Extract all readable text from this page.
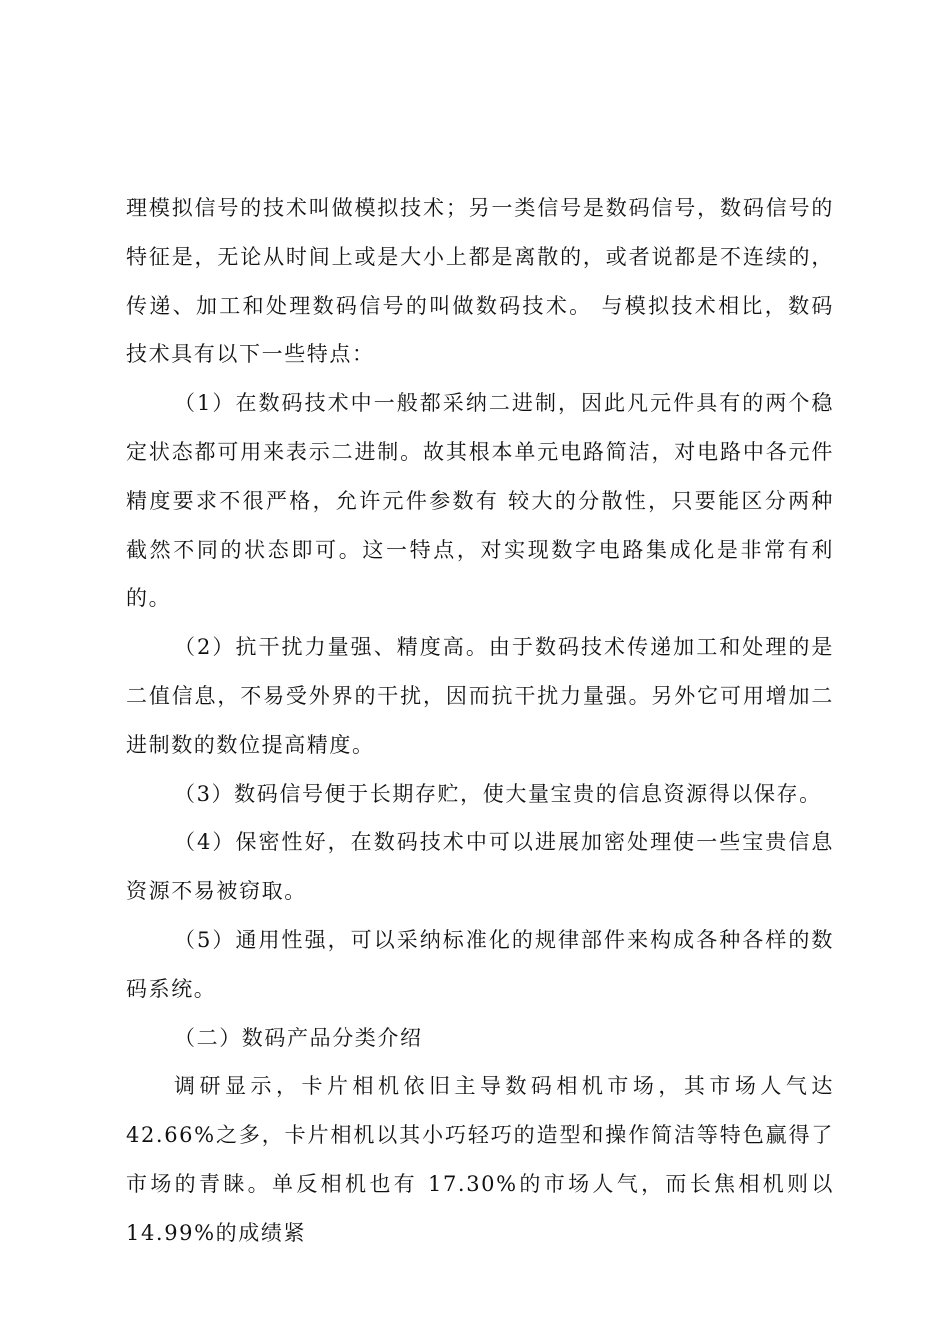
理模拟信号的技术叫做模拟技术；另一类信号是数码信号，数码信号的特征是，无论从时间上或是大小上都是离散的，或者说都是不连续的，传递、加工和处理数码信号的叫做数码技术。 与模拟技术相比，数码技术具有以下一些特点：

（1）在数码技术中一般都采纳二进制，因此凡元件具有的两个稳定状态都可用来表示二进制。故其根本单元电路简洁，对电路中各元件精度要求不很严格，允许元件参数有 较大的分散性，只要能区分两种截然不同的状态即可。这一特点，对实现数字电路集成化是非常有利的。

（2）抗干扰力量强、精度高。由于数码技术传递加工和处理的是二值信息，不易受外界的干扰，因而抗干扰力量强。另外它可用增加二进制数的数位提高精度。

（3）数码信号便于长期存贮，使大量宝贵的信息资源得以保存。

（4）保密性好，在数码技术中可以进展加密处理使一些宝贵信息资源不易被窃取。

（5）通用性强，可以采纳标准化的规律部件来构成各种各样的数码系统。

（二）数码产品分类介绍

调研显示，卡片相机依旧主导数码相机市场，其市场人气达 42.66%之多，卡片相机以其小巧轻巧的造型和操作简洁等特色赢得了市场的青睐。单反相机也有 17.30%的市场人气，而长焦相机则以 14.99%的成绩紧
